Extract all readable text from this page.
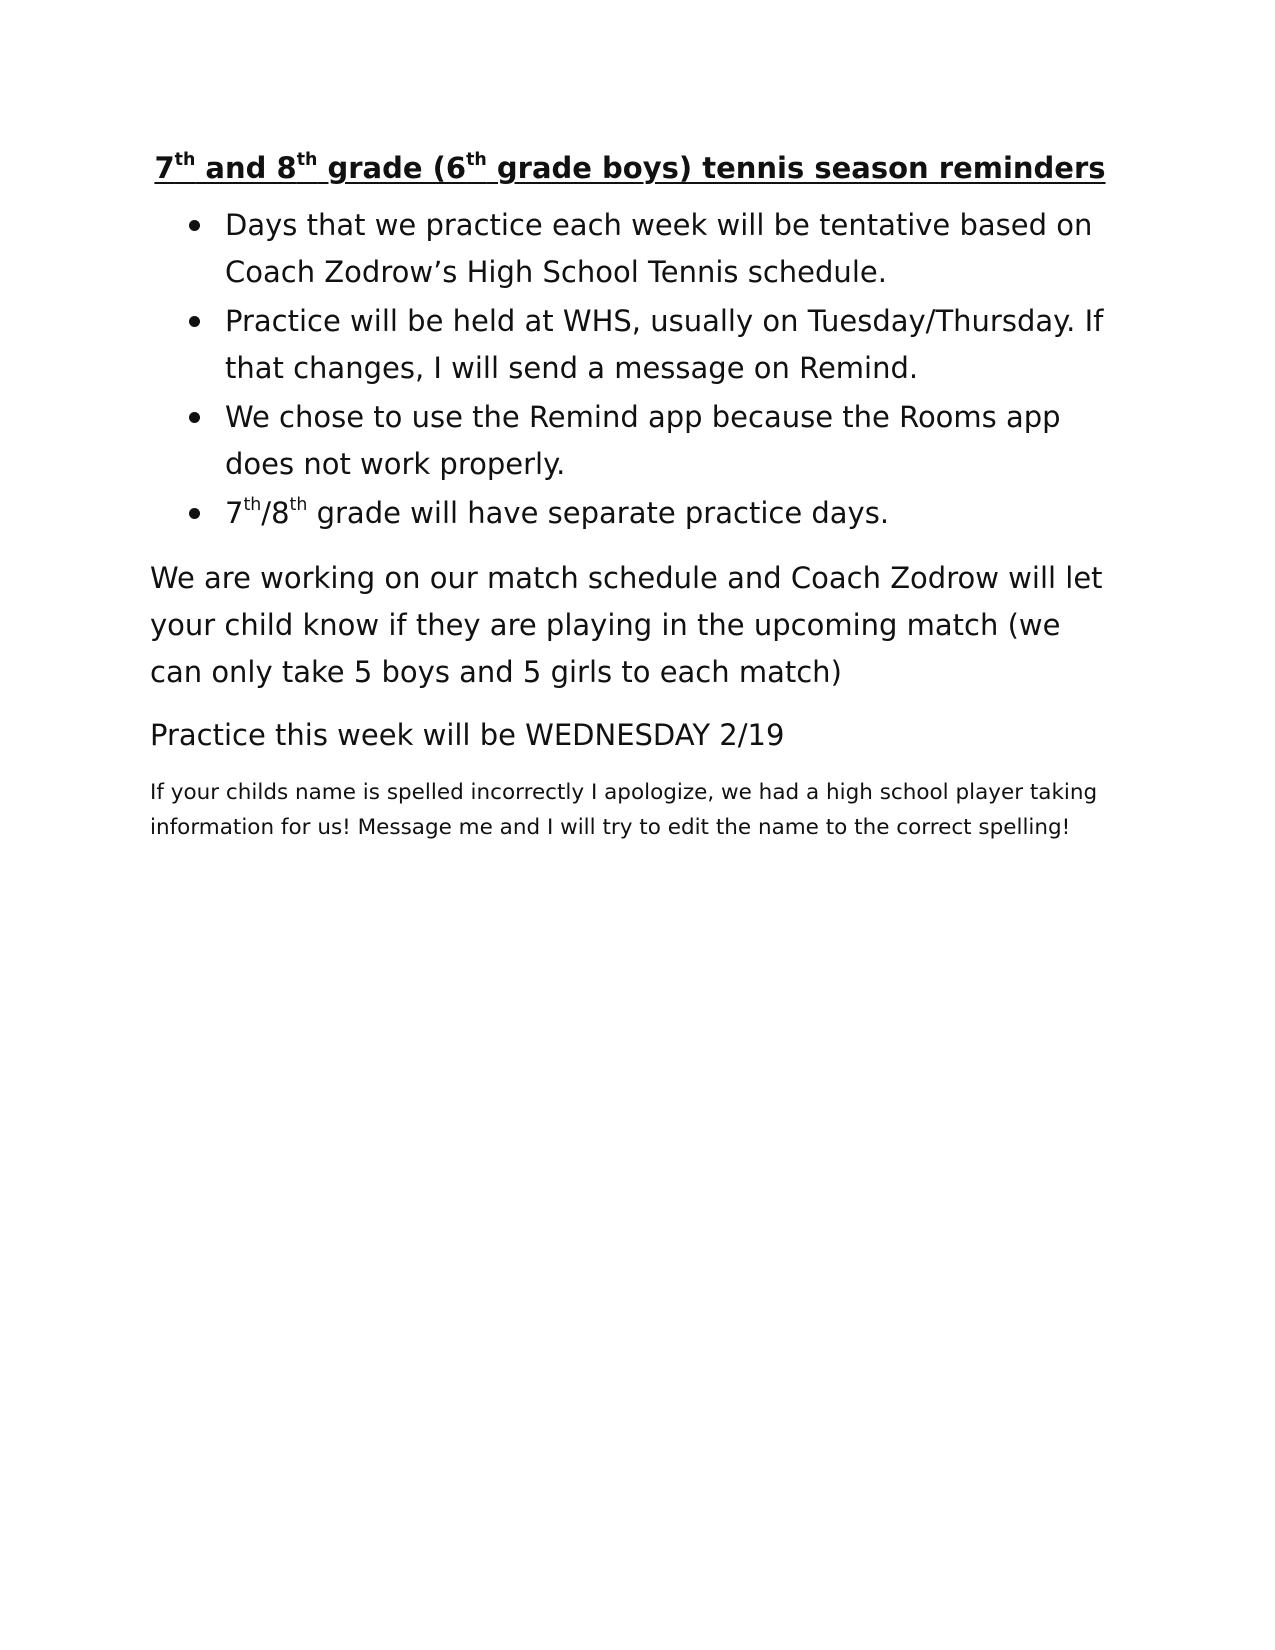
7th and 8th grade (6th grade boys) tennis season reminders
Days that we practice each week will be tentative based on Coach Zodrow’s High School Tennis schedule.
Practice will be held at WHS, usually on Tuesday/Thursday. If that changes, I will send a message on Remind.
We chose to use the Remind app because the Rooms app does not work properly.
7th/8th grade will have separate practice days.

We are working on our match schedule and Coach Zodrow will let your child know if they are playing in the upcoming match (we can only take 5 boys and 5 girls to each match)

Practice this week will be WEDNESDAY 2/19

If your childs name is spelled incorrectly I apologize, we had a high school player taking information for us! Message me and I will try to edit the name to the correct spelling!
